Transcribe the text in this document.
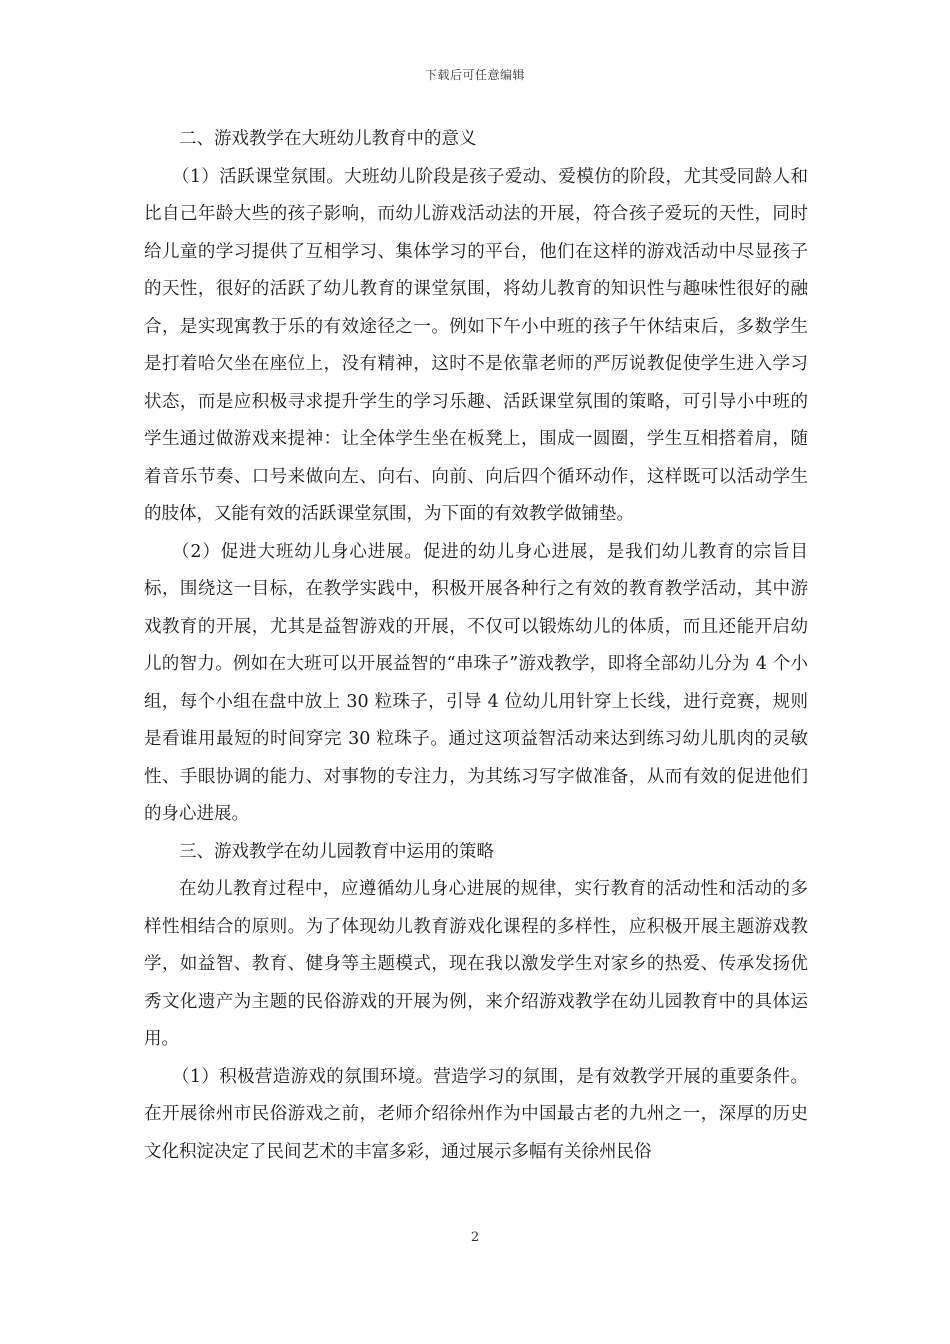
下载后可任意编辑

二、游戏教学在大班幼儿教育中的意义

（1）活跃课堂氛围。大班幼儿阶段是孩子爱动、爱模仿的阶段，尤其受同龄人和比自己年龄大些的孩子影响，而幼儿游戏活动法的开展，符合孩子爱玩的天性，同时给儿童的学习提供了互相学习、集体学习的平台，他们在这样的游戏活动中尽显孩子的天性，很好的活跃了幼儿教育的课堂氛围，将幼儿教育的知识性与趣味性很好的融合，是实现寓教于乐的有效途径之一。例如下午小中班的孩子午休结束后，多数学生是打着哈欠坐在座位上，没有精神，这时不是依靠老师的严厉说教促使学生进入学习状态，而是应积极寻求提升学生的学习乐趣、活跃课堂氛围的策略，可引导小中班的学生通过做游戏来提神：让全体学生坐在板凳上，围成一圆圈，学生互相搭着肩，随着音乐节奏、口号来做向左、向右、向前、向后四个循环动作，这样既可以活动学生的肢体，又能有效的活跃课堂氛围，为下面的有效教学做铺垫。

（2）促进大班幼儿身心进展。促进的幼儿身心进展，是我们幼儿教育的宗旨目标，围绕这一目标，在教学实践中，积极开展各种行之有效的教育教学活动，其中游戏教育的开展，尤其是益智游戏的开展，不仅可以锻炼幼儿的体质，而且还能开启幼儿的智力。例如在大班可以开展益智的“串珠子”游戏教学，即将全部幼儿分为 4 个小组，每个小组在盘中放上 30 粒珠子，引导 4 位幼儿用针穿上长线，进行竞赛，规则是看谁用最短的时间穿完 30 粒珠子。通过这项益智活动来达到练习幼儿肌肉的灵敏性、手眼协调的能力、对事物的专注力，为其练习写字做准备，从而有效的促进他们的身心进展。

三、游戏教学在幼儿园教育中运用的策略

在幼儿教育过程中，应遵循幼儿身心进展的规律，实行教育的活动性和活动的多样性相结合的原则。为了体现幼儿教育游戏化课程的多样性，应积极开展主题游戏教学，如益智、教育、健身等主题模式，现在我以激发学生对家乡的热爱、传承发扬优秀文化遗产为主题的民俗游戏的开展为例，来介绍游戏教学在幼儿园教育中的具体运用。

（1）积极营造游戏的氛围环境。营造学习的氛围，是有效教学开展的重要条件。在开展徐州市民俗游戏之前，老师介绍徐州作为中国最古老的九州之一，深厚的历史文化积淀决定了民间艺术的丰富多彩，通过展示多幅有关徐州民俗

2
